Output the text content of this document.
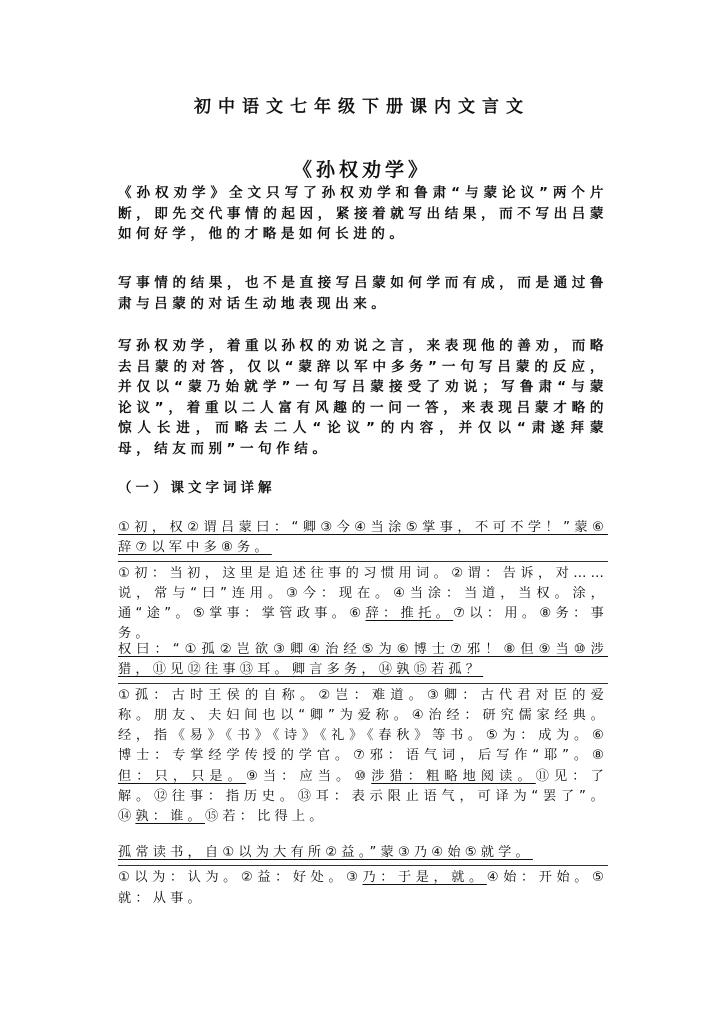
初中语文七年级下册课内文言文
《孙权劝学》

《孙权劝学》全文只写了孙权劝学和鲁肃“与蒙论议”两个片断，即先交代事情的起因，紧接着就写出结果，而不写出吕蒙如何好学，他的才略是如何长进的。

写事情的结果，也不是直接写吕蒙如何学而有成，而是通过鲁肃与吕蒙的对话生动地表现出来。

写孙权劝学，着重以孙权的劝说之言，来表现他的善劝，而略去吕蒙的对答，仅以“蒙辞以军中多务”一句写吕蒙的反应，并仅以“蒙乃始就学”一句写吕蒙接受了劝说；写鲁肃“与蒙论议”，着重以二人富有风趣的一问一答，来表现吕蒙才略的惊人长进，而略去二人“论议”的内容，并仅以“肃遂拜蒙母，结友而别”一句作结。

（一）课文字词详解

①初，权②谓吕蒙曰：“卿③今④当涂⑤掌事，不可不学！”蒙⑥辞⑦以军中多⑧务。

①初：当初，这里是追述往事的习惯用词。②谓：告诉，对……说，常与“曰”连用。③今：现在。④当涂：当道，当权。涂，通“途”。⑤掌事：掌管政事。⑥辞：推托。⑦以：用。⑧务：事务。

权曰：“①孤②岂欲③卿④治经⑤为⑥博士⑦邪！⑧但⑨当⑩涉猎，⑪见⑫往事⑬耳。卿言多务，⑭孰⑮若孤？

①孤：古时王侯的自称。②岂：难道。③卿：古代君对臣的爱称。朋友、夫妇间也以“卿”为爱称。④治经：研究儒家经典。经，指《易》《书》《诗》《礼》《春秋》等书。⑤为：成为。⑥博士：专掌经学传授的学官。⑦邪：语气词，后写作“耶”。⑧但：只，只是。⑨当：应当。⑩涉猎：粗略地阅读。⑪见：了解。⑫往事：指历史。⑬耳：表示限止语气，可译为“罢了”。⑭孰：谁。⑮若：比得上。

孤常读书，自①以为大有所②益。”蒙③乃④始⑤就学。

①以为：认为。②益：好处。③乃：于是，就。④始：开始。⑤就：从事。
